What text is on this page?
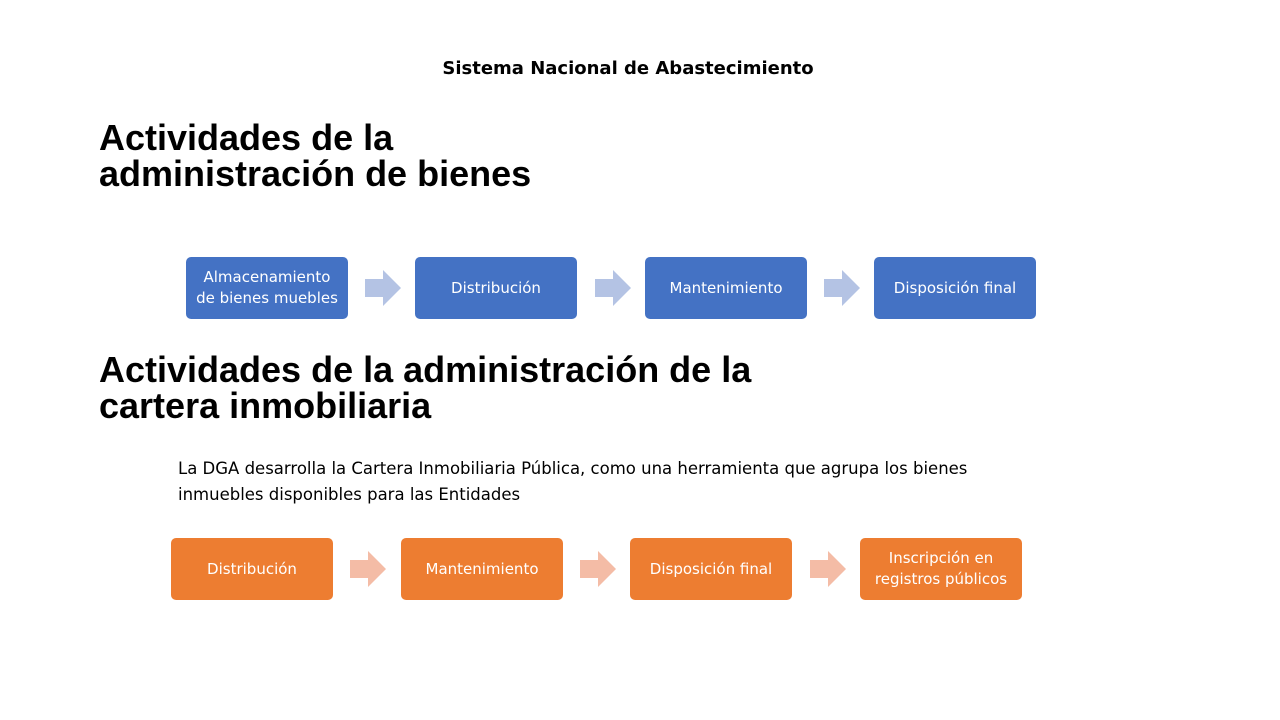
Sistema Nacional de Abastecimiento
Actividades de la
administración de bienes
Almacenamiento
de bienes muebles
Distribución	Mantenimiento	Disposición final
Actividades de la administración de la
cartera inmobiliaria

La DGA desarrolla la Cartera Inmobiliaria Pública, como una herramienta que agrupa los bienes
inmuebles disponibles para las Entidades

Distribución	Mantenimiento	Disposición final
Inscripción en
registros públicos
